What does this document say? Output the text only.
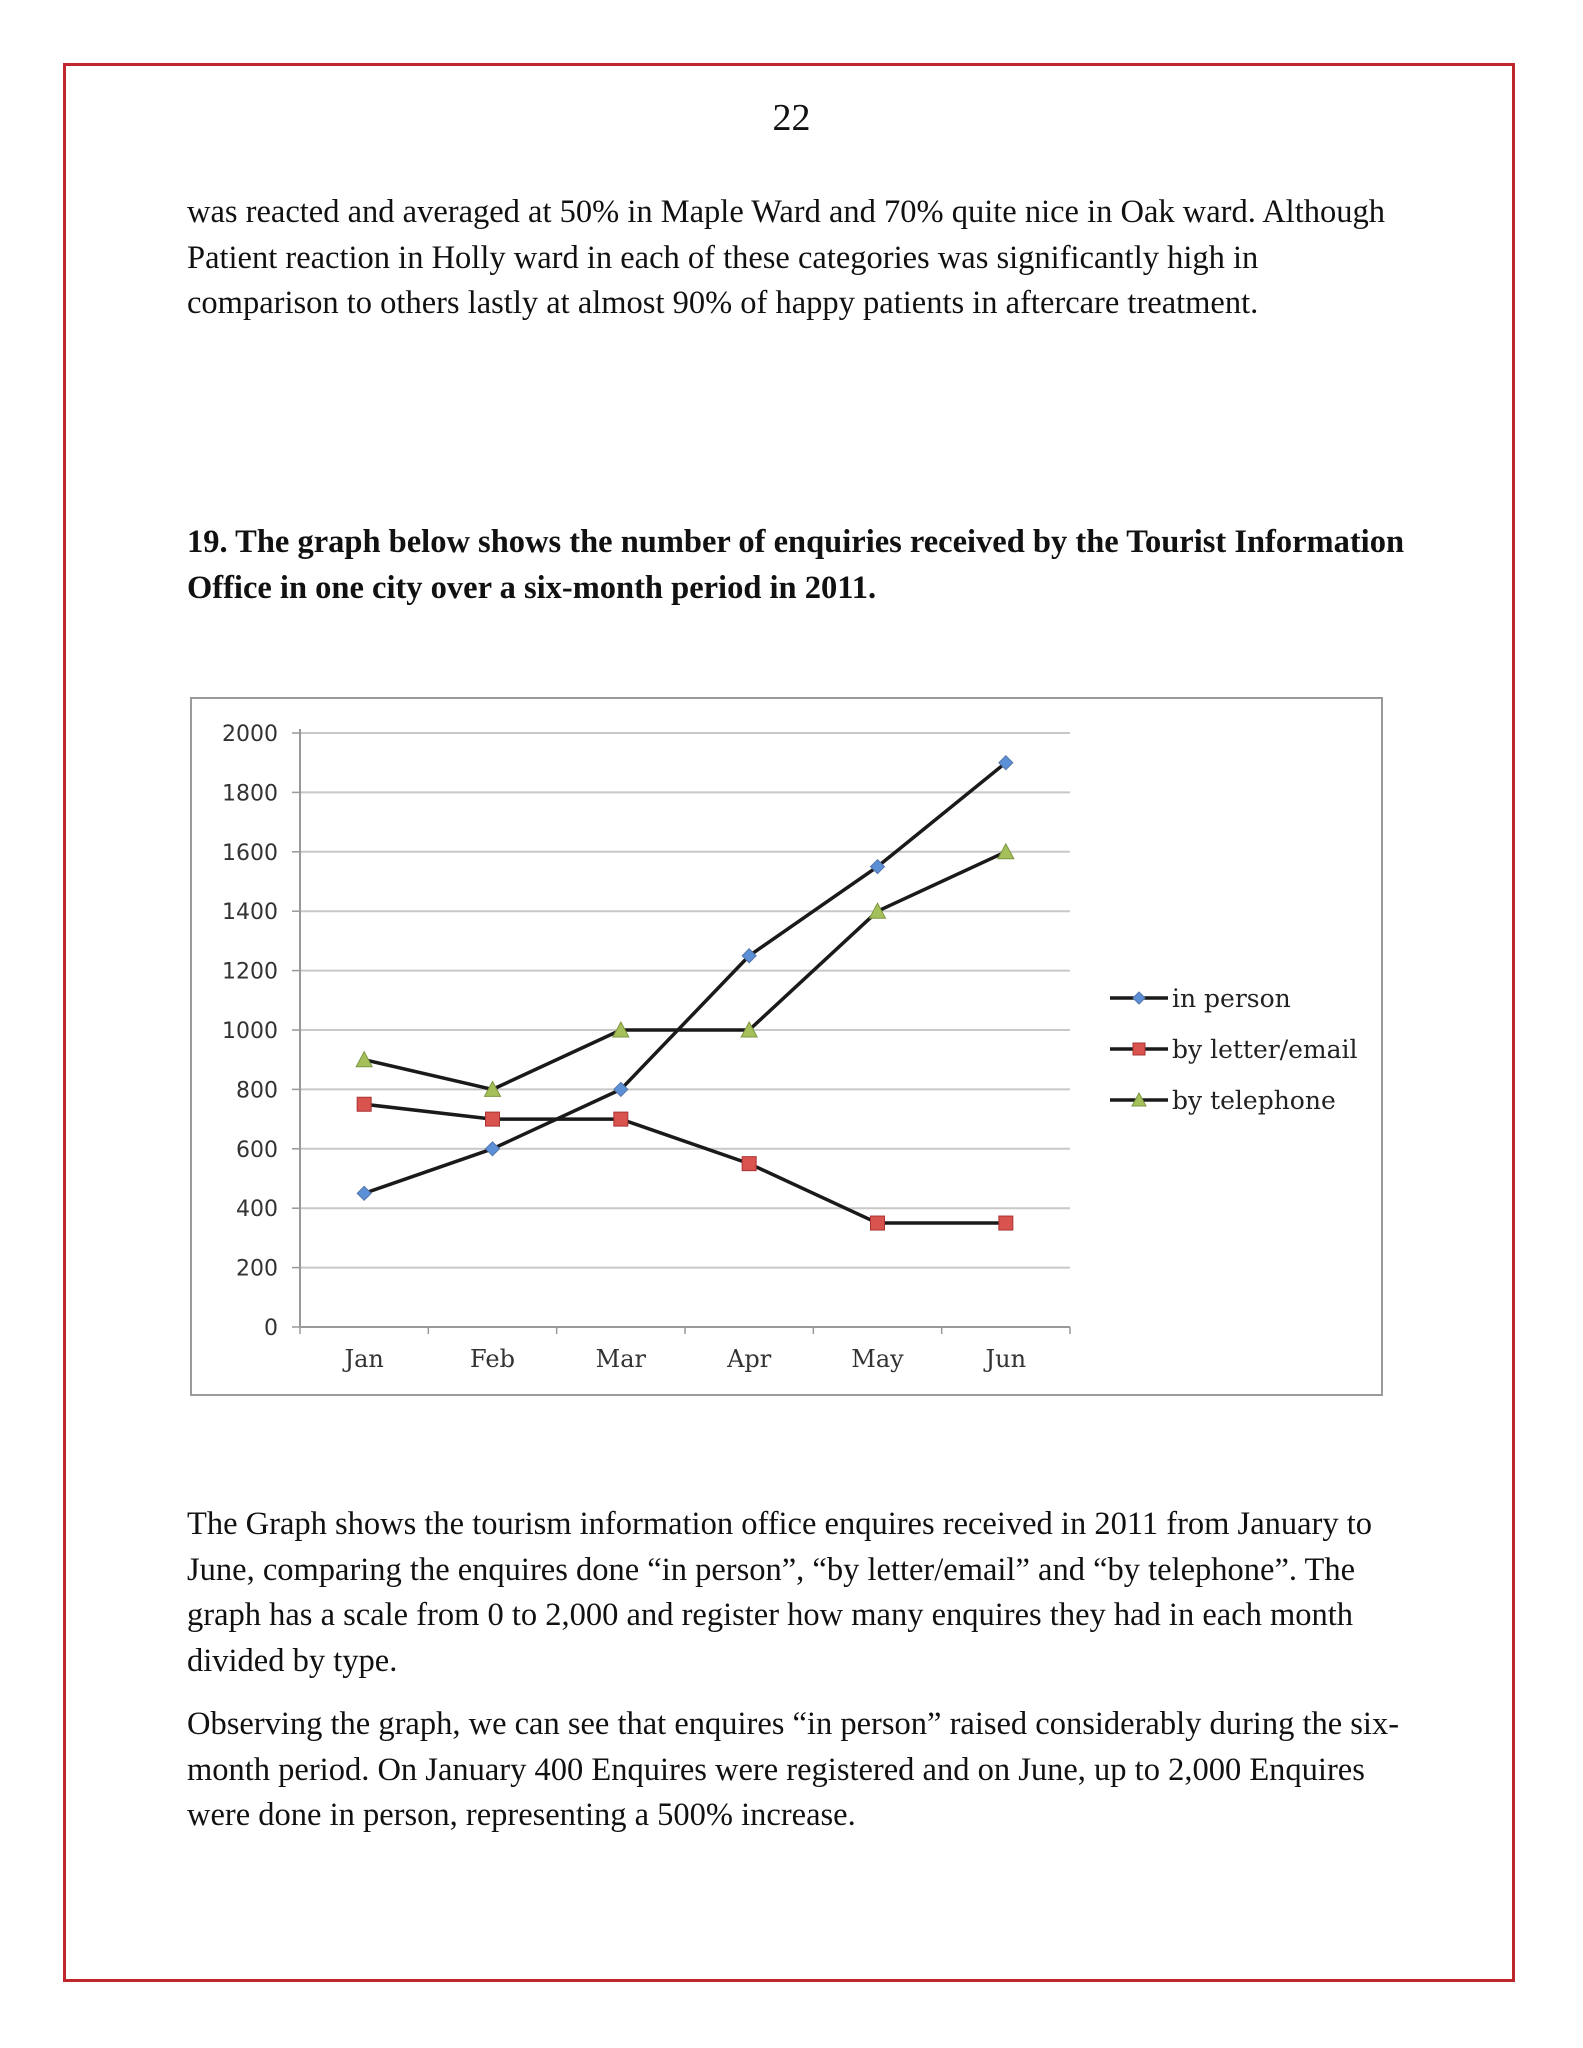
22

was reacted and averaged at 50% in Maple Ward and 70% quite nice in Oak ward. Although Patient reaction in Holly ward in each of these categories was significantly high in comparison to others lastly at almost 90% of happy patients in aftercare treatment.

19. The graph below shows the number of enquiries received by the Tourist Information Office in one city over a six-month period in 2011.

0
200
400
600
800
1000
1200
1400
1600
1800
2000
Jan	Feb	Mar	Apr	May	Jun
in person
by letter/email
by telephone

The Graph shows the tourism information office enquires received in 2011 from January to June, comparing the enquires done “in person”, “by letter/email” and “by telephone”. The graph has a scale from 0 to 2,000 and register how many enquires they had in each month divided by type.

Observing the graph, we can see that enquires “in person” raised considerably during the six-month period. On January 400 Enquires were registered and on June, up to 2,000 Enquires were done in person, representing a 500% increase.
